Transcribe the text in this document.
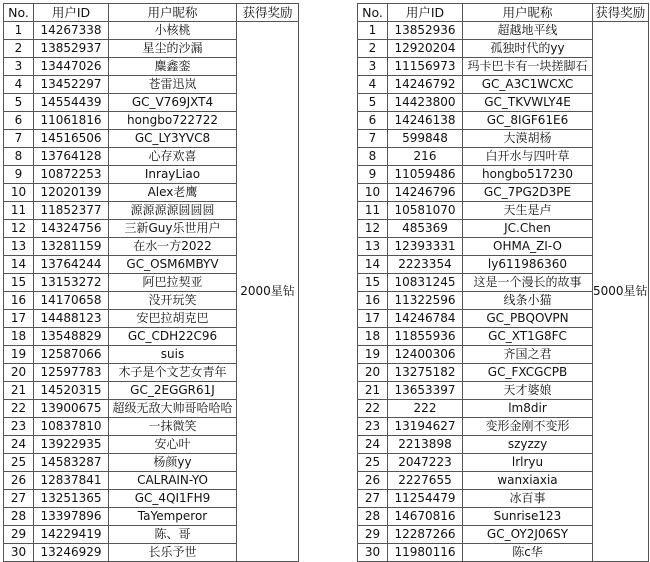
No.	用户ID	用户昵称	获得奖励
1	14267338	小核桃	2000星钻
2	13852937	星尘的沙漏	
3	13447026	麋鑫銮	
4	13452297	苍雷迅岚	
5	14554439	GC_V769JXT4	
6	11061816	hongbo722722	
7	14516506	GC_LY3YVC8	
8	13764128	心存欢喜	
9	10872253	InrayLiao	
10	12020139	Alex老鹰	
11	11852377	源源源源圆圆圆	
12	14324756	三新Guy乐世用户	
13	13281159	在水一方2022	
14	13764244	GC_OSM6MBYV	
15	13153272	阿巴拉契亚	
16	14170658	没开玩笑	
17	14488123	安巴拉胡克巴	
18	13548829	GC_CDH22C96	
19	12587066	suis	
20	12597783	木子是个文艺女青年	
21	14520315	GC_2EGGR61J	
22	13900675	超级无敌大帅哥哈哈哈	
23	10837810	一抹微笑	
24	13922935	安心叶	
25	14583287	杨颜yy	
26	12837841	CALRAIN-YO	
27	13251365	GC_4QI1FH9	
28	13397896	TaYemperor	
29	14229419	陈、哥	
30	13246929	长乐予世	
No.	用户ID	用户昵称	获得奖励
1	13852936	超越地平线	5000星钻
2	12920204	孤独时代的yy	
3	11156973	玛卡巴卡有一块搓脚石	
4	14246792	GC_A3C1WCXC	
5	14423800	GC_TKVWLY4E	
6	14246138	GC_8IGF61E6	
7	599848	大漠胡杨	
8	216	白开水与四叶草	
9	11059486	hongbo517230	
10	14246796	GC_7PG2D3PE	
11	10581070	天生是卢	
12	485369	JC.Chen	
13	12393331	OHMA_ZI-O	
14	2223354	ly611986360	
15	10831245	这是一个漫长的故事	
16	11322596	线条小猫	
17	14246784	GC_PBQOVPN	
18	11855936	GC_XT1G8FC	
19	12400306	齐国之君	
20	13275182	GC_FXCGCPB	
21	13653397	天才婆娘	
22	222	lm8dir	
23	13194627	变形金刚不变形	
24	2213898	szyzzy	
25	2047223	lrlryu	
26	2227655	wanxiaxia	
27	11254479	冰百事	
28	14670816	Sunrise123	
29	12287266	GC_OY2J06SY	
30	11980116	陈c华	
